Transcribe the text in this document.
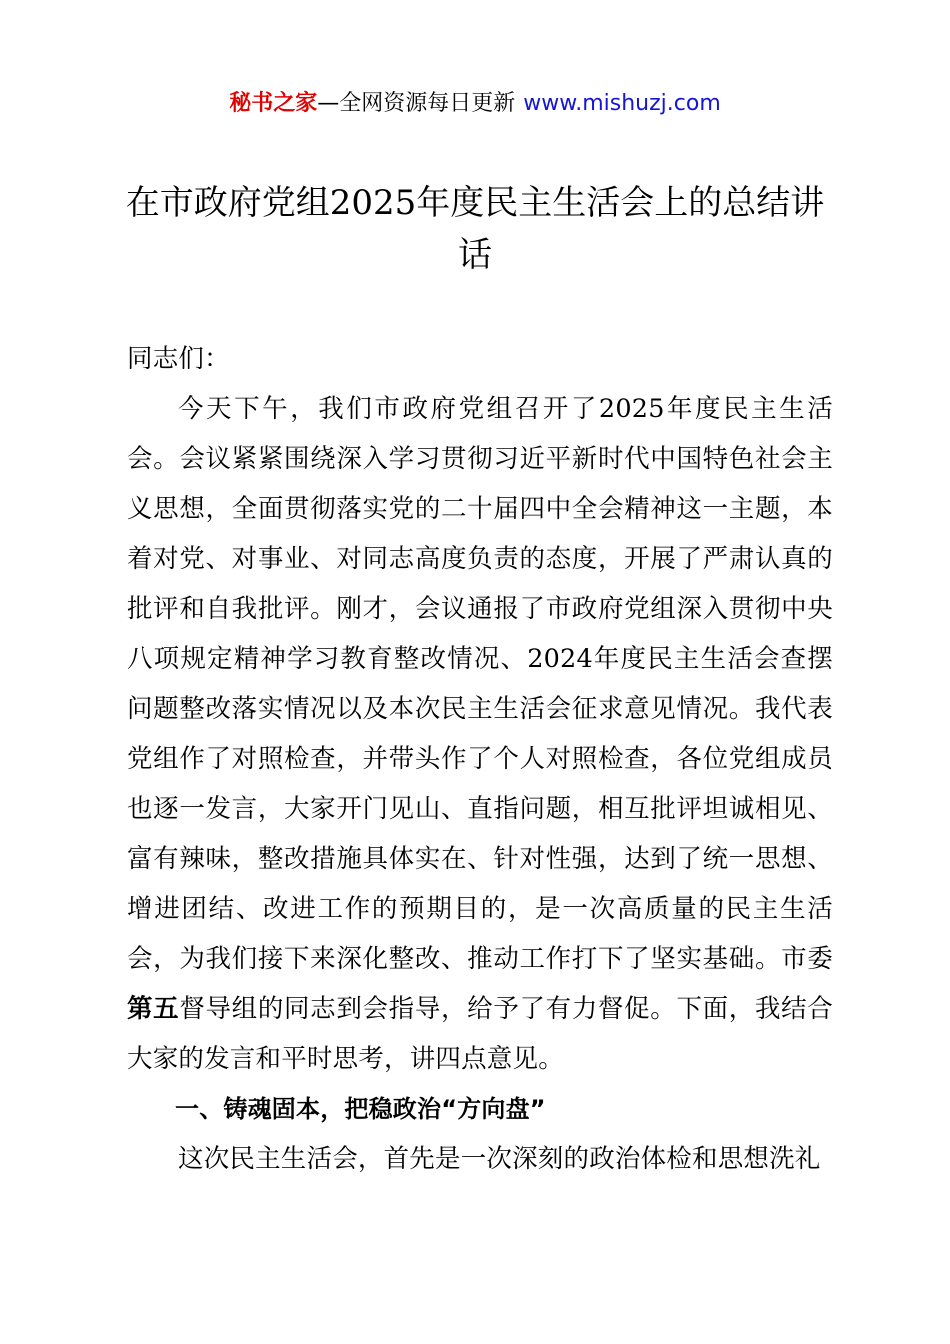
秘书之家—全网资源每日更新 www.mishuzj.com
在市政府党组2025年度民主生活会上的总结讲话

同志们：

今天下午，我们市政府党组召开了2025年度民主生活会。会议紧紧围绕深入学习贯彻习近平新时代中国特色社会主义思想，全面贯彻落实党的二十届四中全会精神这一主题，本着对党、对事业、对同志高度负责的态度，开展了严肃认真的批评和自我批评。刚才，会议通报了市政府党组深入贯彻中央八项规定精神学习教育整改情况、2024年度民主生活会查摆问题整改落实情况以及本次民主生活会征求意见情况。我代表党组作了对照检查，并带头作了个人对照检查，各位党组成员也逐一发言，大家开门见山、直指问题，相互批评坦诚相见、富有辣味，整改措施具体实在、针对性强，达到了统一思想、增进团结、改进工作的预期目的，是一次高质量的民主生活会，为我们接下来深化整改、推动工作打下了坚实基础。市委第五督导组的同志到会指导，给予了有力督促。下面，我结合大家的发言和平时思考，讲四点意见。

一、铸魂固本，把稳政治“方向盘”

这次民主生活会，首先是一次深刻的政治体检和思想洗礼
